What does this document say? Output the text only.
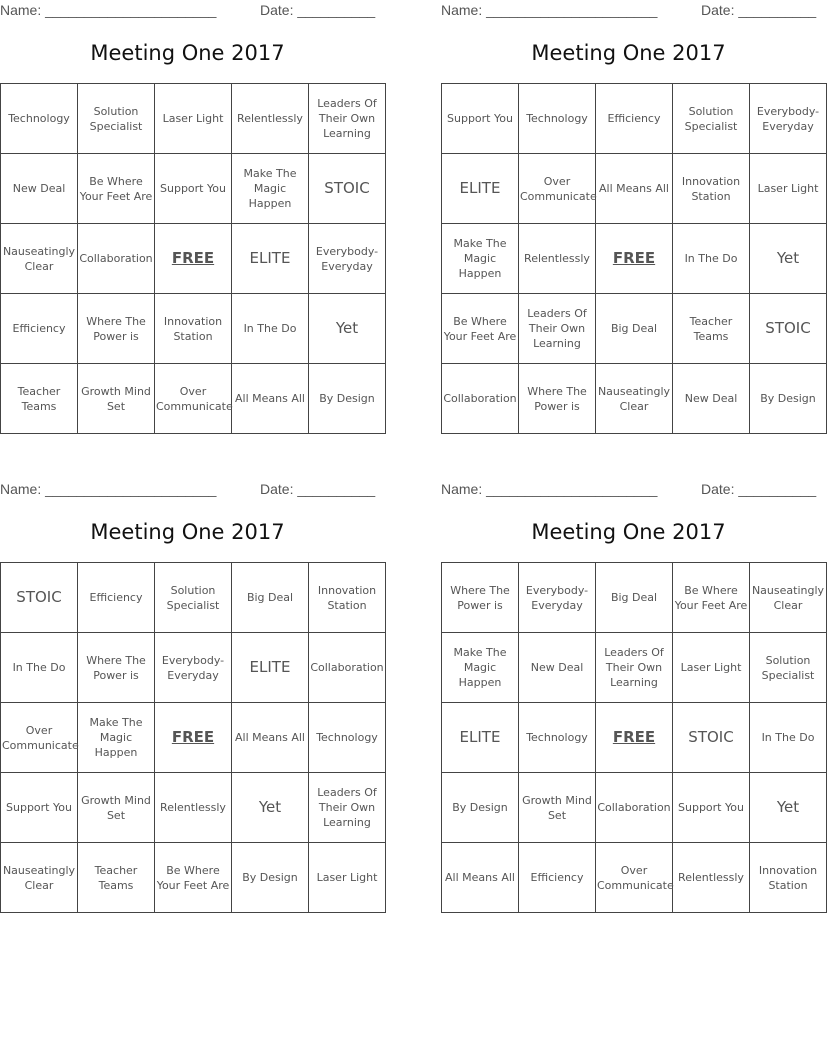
Name: ______________________	Date: __________
Meeting One 2017
Technology	Solution Specialist	Laser Light	Relentlessly	Leaders Of Their Own Learning
New Deal	Be Where Your Feet Are	Support You	Make The Magic Happen	STOIC
Nauseatingly Clear	Collaboration	FREE	ELITE	Everybody-Everyday
Efficiency	Where The Power is	Innovation Station	In The Do	Yet
Teacher Teams	Growth Mind Set	Over Communicate	All Means All	By Design
Name: ______________________	Date: __________
Meeting One 2017
Support You	Technology	Efficiency	Solution Specialist	Everybody-Everyday
ELITE	Over Communicate	All Means All	Innovation Station	Laser Light
Make The Magic Happen	Relentlessly	FREE	In The Do	Yet
Be Where Your Feet Are	Leaders Of Their Own Learning	Big Deal	Teacher Teams	STOIC
Collaboration	Where The Power is	Nauseatingly Clear	New Deal	By Design
Name: ______________________	Date: __________
Meeting One 2017
STOIC	Efficiency	Solution Specialist	Big Deal	Innovation Station
In The Do	Where The Power is	Everybody-Everyday	ELITE	Collaboration
Over Communicate	Make The Magic Happen	FREE	All Means All	Technology
Support You	Growth Mind Set	Relentlessly	Yet	Leaders Of Their Own Learning
Nauseatingly Clear	Teacher Teams	Be Where Your Feet Are	By Design	Laser Light
Name: ______________________	Date: __________
Meeting One 2017
Where The Power is	Everybody-Everyday	Big Deal	Be Where Your Feet Are	Nauseatingly Clear
Make The Magic Happen	New Deal	Leaders Of Their Own Learning	Laser Light	Solution Specialist
ELITE	Technology	FREE	STOIC	In The Do
By Design	Growth Mind Set	Collaboration	Support You	Yet
All Means All	Efficiency	Over Communicate	Relentlessly	Innovation Station
